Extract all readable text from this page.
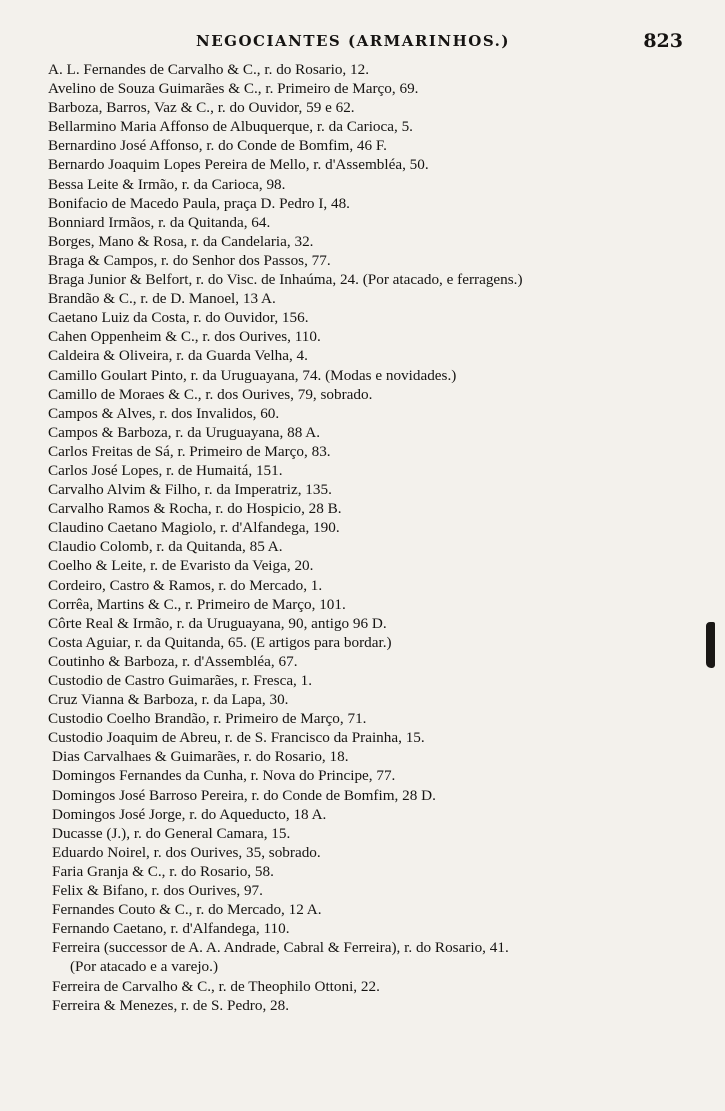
NEGOCIANTES (ARMARINHOS.)	823
A. L. Fernandes de Carvalho & C., r. do Rosario, 12.
Avelino de Souza Guimarães & C., r. Primeiro de Março, 69.
Barboza, Barros, Vaz & C., r. do Ouvidor, 59 e 62.
Bellarmino Maria Affonso de Albuquerque, r. da Carioca, 5.
Bernardino José Affonso, r. do Conde de Bomfim, 46 F.
Bernardo Joaquim Lopes Pereira de Mello, r. d'Assembléa, 50.
Bessa Leite & Irmão, r. da Carioca, 98.
Bonifacio de Macedo Paula, praça D. Pedro I, 48.
Bonniard Irmãos, r. da Quitanda, 64.
Borges, Mano & Rosa, r. da Candelaria, 32.
Braga & Campos, r. do Senhor dos Passos, 77.
Braga Junior & Belfort, r. do Visc. de Inhaúma, 24. (Por atacado, e ferragens.)
Brandão & C., r. de D. Manoel, 13 A.
Caetano Luiz da Costa, r. do Ouvidor, 156.
Cahen Oppenheim & C., r. dos Ourives, 110.
Caldeira & Oliveira, r. da Guarda Velha, 4.
Camillo Goulart Pinto, r. da Uruguayana, 74. (Modas e novidades.)
Camillo de Moraes & C., r. dos Ourives, 79, sobrado.
Campos & Alves, r. dos Invalidos, 60.
Campos & Barboza, r. da Uruguayana, 88 A.
Carlos Freitas de Sá, r. Primeiro de Março, 83.
Carlos José Lopes, r. de Humaitá, 151.
Carvalho Alvim & Filho, r. da Imperatriz, 135.
Carvalho Ramos & Rocha, r. do Hospicio, 28 B.
Claudino Caetano Magiolo, r. d'Alfandega, 190.
Claudio Colomb, r. da Quitanda, 85 A.
Coelho & Leite, r. de Evaristo da Veiga, 20.
Cordeiro, Castro & Ramos, r. do Mercado, 1.
Corrêa, Martins & C., r. Primeiro de Março, 101.
Côrte Real & Irmão, r. da Uruguayana, 90, antigo 96 D.
Costa Aguiar, r. da Quitanda, 65. (E artigos para bordar.)
Coutinho & Barboza, r. d'Assembléa, 67.
Custodio de Castro Guimarães, r. Fresca, 1.
Cruz Vianna & Barboza, r. da Lapa, 30.
Custodio Coelho Brandão, r. Primeiro de Março, 71.
Custodio Joaquim de Abreu, r. de S. Francisco da Prainha, 15.
Dias Carvalhaes & Guimarães, r. do Rosario, 18.
Domingos Fernandes da Cunha, r. Nova do Principe, 77.
Domingos José Barroso Pereira, r. do Conde de Bomfim, 28 D.
Domingos José Jorge, r. do Aqueducto, 18 A.
Ducasse (J.), r. do General Camara, 15.
Eduardo Noirel, r. dos Ourives, 35, sobrado.
Faria Granja & C., r. do Rosario, 58.
Felix & Bifano, r. dos Ourives, 97.
Fernandes Couto & C., r. do Mercado, 12 A.
Fernando Caetano, r. d'Alfandega, 110.
Ferreira (successor de A. A. Andrade, Cabral & Ferreira), r. do Rosario, 41.
(Por atacado e a varejo.)
Ferreira de Carvalho & C., r. de Theophilo Ottoni, 22.
Ferreira & Menezes, r. de S. Pedro, 28.
